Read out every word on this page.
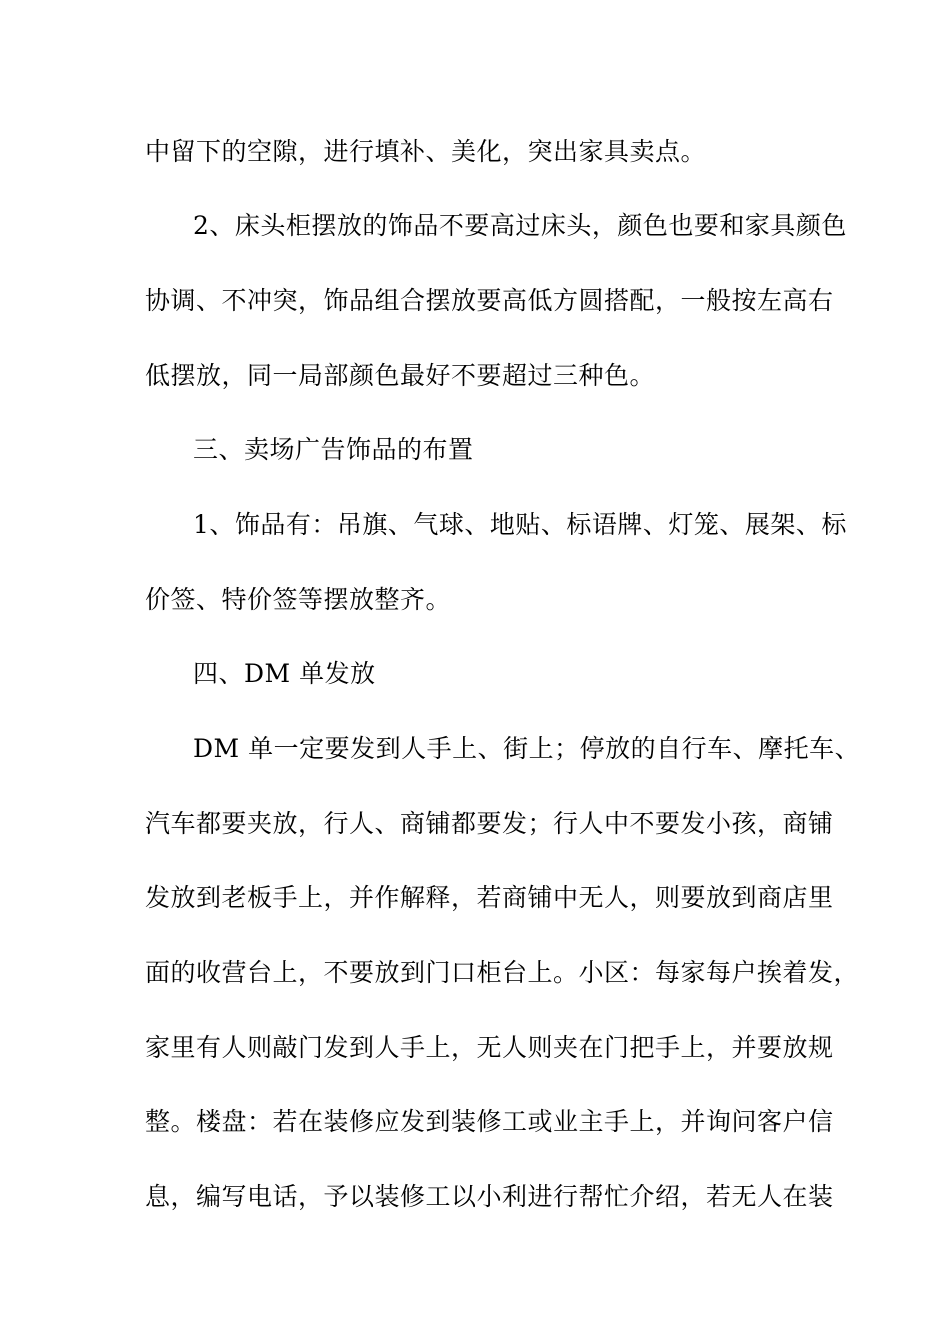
中留下的空隙，进行填补、美化，突出家具卖点。
2、床头柜摆放的饰品不要高过床头，颜色也要和家具颜色
协调、不冲突，饰品组合摆放要高低方圆搭配，一般按左高右
低摆放，同一局部颜色最好不要超过三种色。
三、卖场广告饰品的布置
1、饰品有：吊旗、气球、地贴、标语牌、灯笼、展架、标
价签、特价签等摆放整齐。
四、DM 单发放
DM 单一定要发到人手上、街上；停放的自行车、摩托车、
汽车都要夹放，行人、商铺都要发；行人中不要发小孩，商铺
发放到老板手上，并作解释，若商铺中无人，则要放到商店里
面的收营台上，不要放到门口柜台上。小区：每家每户挨着发，
家里有人则敲门发到人手上，无人则夹在门把手上，并要放规
整。楼盘：若在装修应发到装修工或业主手上，并询问客户信
息，编写电话，予以装修工以小利进行帮忙介绍，若无人在装
